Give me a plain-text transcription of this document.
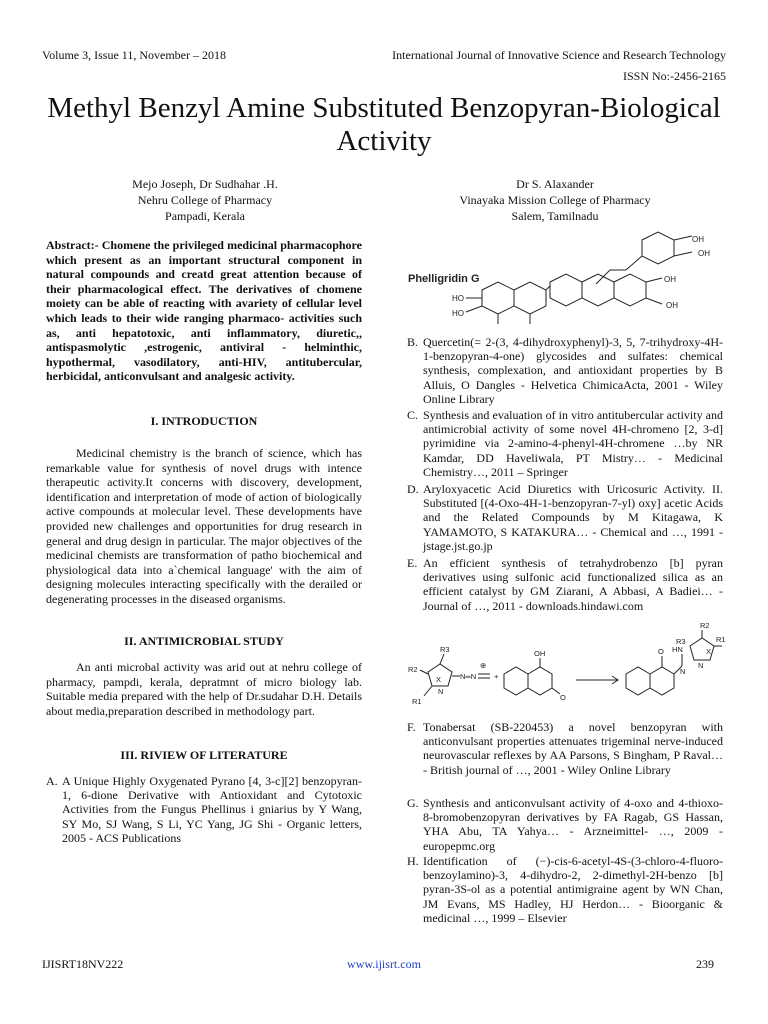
Volume 3, Issue 11, November – 2018	International Journal of Innovative Science and Research Technology
ISSN No:-2456-2165
Methyl Benzyl Amine Substituted Benzopyran-Biological Activity
Mejo Joseph, Dr Sudhahar .H.
Nehru College of Pharmacy
Pampadi, Kerala
Dr S. Alaxander
Vinayaka Mission College of Pharmacy
Salem, Tamilnadu
Abstract:- Chomene the privileged medicinal pharmacophore which present as an important structural component in natural compounds and creatd great attention because of their pharmacological effect. The derivatives of chomene moiety can be able of reacting with avariety of cellular level which leads to their wide ranging pharmaco- activities such as, anti hepatotoxic, anti inflammatory, diuretic,, antispasmolytic ,estrogenic, antiviral - helminthic, hypothermal, vasodilatory, anti-HIV, antitubercular, herbicidal, anticonvulsant and analgesic activity.
I. INTRODUCTION
Medicinal chemistry is the branch of science, which has remarkable value for synthesis of novel drugs with intence therapeutic activity.It concerns with discovery, development, identification and interpretation of mode of action of biologically active compounds at molecular level. These developments have provided new challenges and opportunities for drug research in general and drug design in particular. The major objectives of the medicinal chemists are transformation of patho biochemical and physiological data into a`chemical language' with the aim of designing molecules interacting specifically with the derailed or degenerating processes in the diseased organisms.
II. ANTIMICROBIAL STUDY
An anti microbal activity was arid out at nehru college of pharmacy, pampdi, kerala, depratmnt of micro biology lab. Suitable media prepared with the help of Dr.sudahar D.H. Details about media,preparation described in methodology part.
III. RIVIEW OF LITERATURE
A. A Unique Highly Oxygenated Pyrano [4, 3-c][2] benzopyran-1, 6-dione Derivative with Antioxidant and Cytotoxic Activities from the Fungus Phellinus i gniarius by Y Wang, SY Mo, SJ Wang, S Li, YC Yang, JG Shi - Organic letters, 2005 - ACS Publications
Phelligridin G
OH
OH
OH
OH
HO
HO
B. Quercetin(= 2-(3, 4-dihydroxyphenyl)-3, 5, 7-trihydroxy-4H-1-benzopyran-4-one) glycosides and sulfates: chemical synthesis, complexation, and antioxidant properties by B Alluis, O Dangles - Helvetica ChimicaActa, 2001 - Wiley Online Library
C. Synthesis and evaluation of in vitro antitubercular activity and antimicrobial activity of some novel 4H-chromeno [2, 3-d] pyrimidine via 2-amino-4-phenyl-4H-chromene …by NR Kamdar, DD Haveliwala, PT Mistry… - Medicinal Chemistry…, 2011 – Springer
D. Aryloxyacetic Acid Diuretics with Uricosuric Activity. II. Substituted [(4-Oxo-4H-1-benzopyran-7-yl) oxy] acetic Acids and the Related Compounds by M Kitagawa, K YAMAMOTO, S KATAKURA… - Chemical and …, 1991 - jstage.jst.go.jp
E. An efficient synthesis of tetrahydrobenzo [b] pyran derivatives using sulfonic acid functionalized silica as an efficient catalyst by GM Ziarani, A Abbasi, A Badiei… - Journal of …, 2011 - downloads.hindawi.com
R3
R2
R1
X
N
N═N
⊕
+
OH
O
O HN
N
R3
R2
R1
X
N
F. Tonabersat (SB-220453) a novel benzopyran with anticonvulsant properties attenuates trigeminal nerve-induced neurovascular reflexes by AA Parsons, S Bingham, P Raval… - British journal of …, 2001 - Wiley Online Library
G. Synthesis and anticonvulsant activity of 4-oxo and 4-thioxo-8-bromobenzopyran derivatives by FA Ragab, GS Hassan, YHA Abu, TA Yahya… - Arzneimittel- …, 2009 - europepmc.org
H. Identification of (−)-cis-6-acetyl-4S-(3-chloro-4-fluoro-benzoylamino)-3, 4-dihydro-2, 2-dimethyl-2H-benzo [b] pyran-3S-ol as a potential antimigraine agent by WN Chan, JM Evans, MS Hadley, HJ Herdon… - Bioorganic & medicinal …, 1999 – Elsevier
IJISRT18NV222	www.ijisrt.com	239
